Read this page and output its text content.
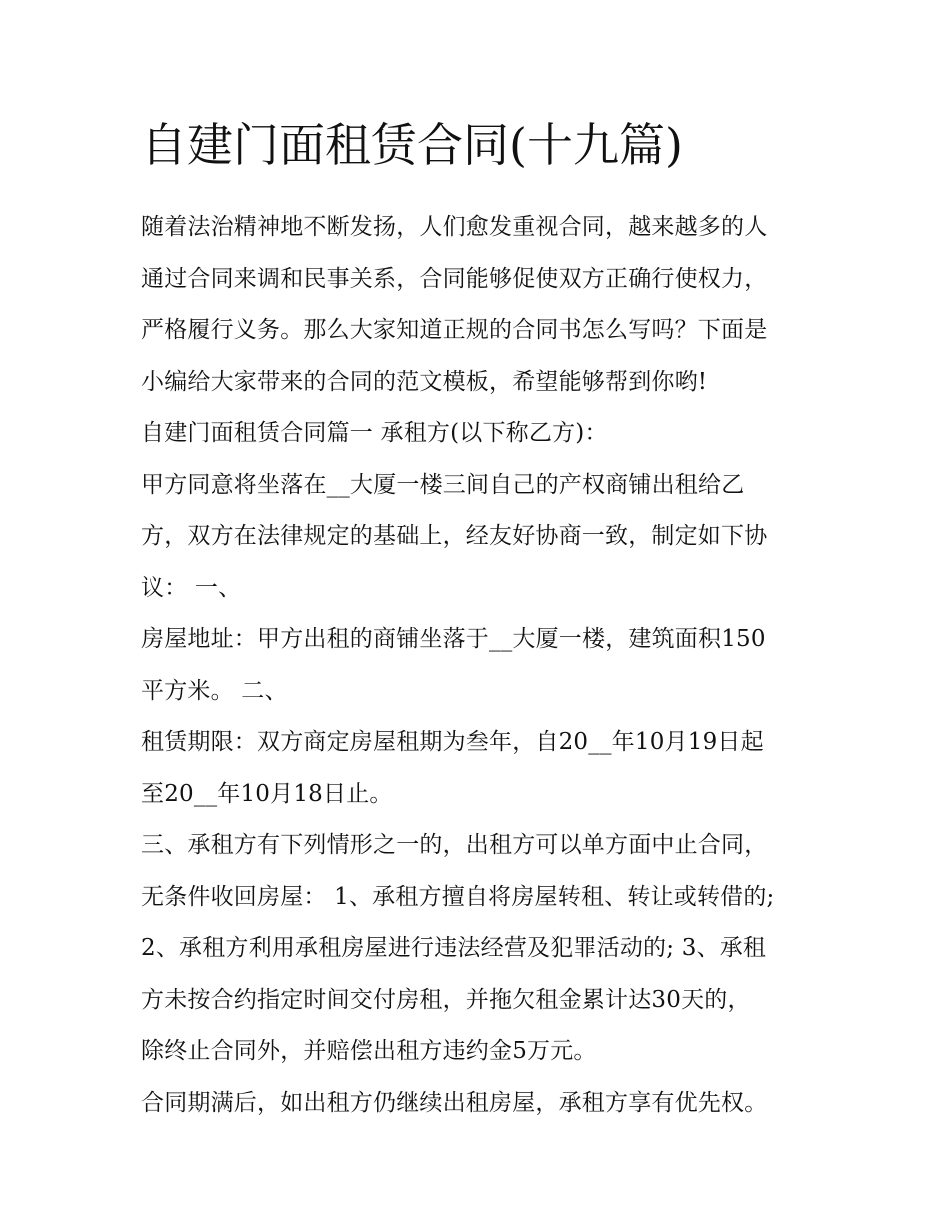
自建门面租赁合同(十九篇)
随着法治精神地不断发扬，人们愈发重视合同，越来越多的人
通过合同来调和民事关系，合同能够促使双方正确行使权力，
严格履行义务。那么大家知道正规的合同书怎么写吗？下面是
小编给大家带来的合同的范文模板，希望能够帮到你哟!
自建门面租赁合同篇一 承租方(以下称乙方)：
甲方同意将坐落在__大厦一楼三间自己的产权商铺出租给乙
方，双方在法律规定的基础上，经友好协商一致，制定如下协
议： 一、
房屋地址：甲方出租的商铺坐落于__大厦一楼，建筑面积150
平方米。 二、
租赁期限：双方商定房屋租期为叁年，自20__年10月19日起
至20__年10月18日止。
三、承租方有下列情形之一的，出租方可以单方面中止合同，
无条件收回房屋： 1、承租方擅自将房屋转租、转让或转借的;
2、承租方利用承租房屋进行违法经营及犯罪活动的; 3、承租
方未按合约指定时间交付房租，并拖欠租金累计达30天的，
除终止合同外，并赔偿出租方违约金5万元。
合同期满后，如出租方仍继续出租房屋，承租方享有优先权。
